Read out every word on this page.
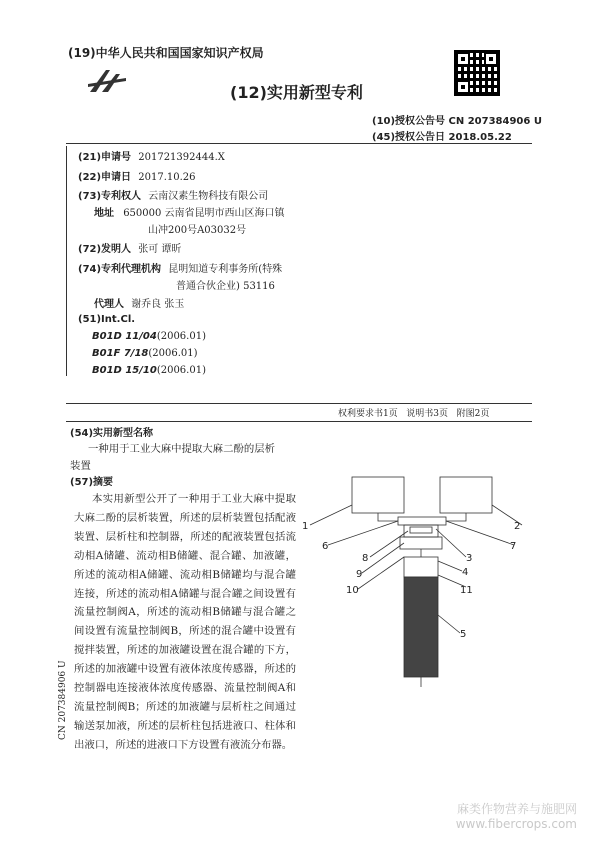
(19)中华人民共和国国家知识产权局
(12)实用新型专利
(10)授权公告号 CN 207384906 U
(45)授权公告日 2018.05.22
(21)申请号 201721392444.X
(22)申请日 2017.10.26
(73)专利权人 云南汉素生物科技有限公司
地址 650000 云南省昆明市西山区海口镇
山冲200号A03032号
(72)发明人 张可 谭昕
(74)专利代理机构 昆明知道专利事务所(特殊
普通合伙企业) 53116
代理人 谢乔良 张玉
(51)Int.Cl.
B01D 11/04(2006.01)
B01F 7/18(2006.01)
B01D 15/10(2006.01)
权利要求书1页   说明书3页   附图2页
(54)实用新型名称
一种用于工业大麻中提取大麻二酚的层析
装置
(57)摘要

本实用新型公开了一种用于工业大麻中提取大麻二酚的层析装置，所述的层析装置包括配液装置、层析柱和控制器，所述的配液装置包括流动相A储罐、流动相B储罐、混合罐、加液罐，所述的流动相A储罐、流动相B储罐均与混合罐连接，所述的流动相A储罐与混合罐之间设置有流量控制阀A，所述的流动相B储罐与混合罐之间设置有流量控制阀B，所述的混合罐中设置有搅拌装置，所述的加液罐设置在混合罐的下方，所述的加液罐中设置有液体浓度传感器，所述的控制器电连接液体浓度传感器、流量控制阀A和流量控制阀B；所述的加液罐与层析柱之间通过输送泵加液，所述的层析柱包括进液口、柱体和出液口，所述的进液口下方设置有液流分布器。

1	2
6	7
8	3
9	4
11
10
5
CN 207384906 U
麻类作物营养与施肥网
www.fibercrops.com
